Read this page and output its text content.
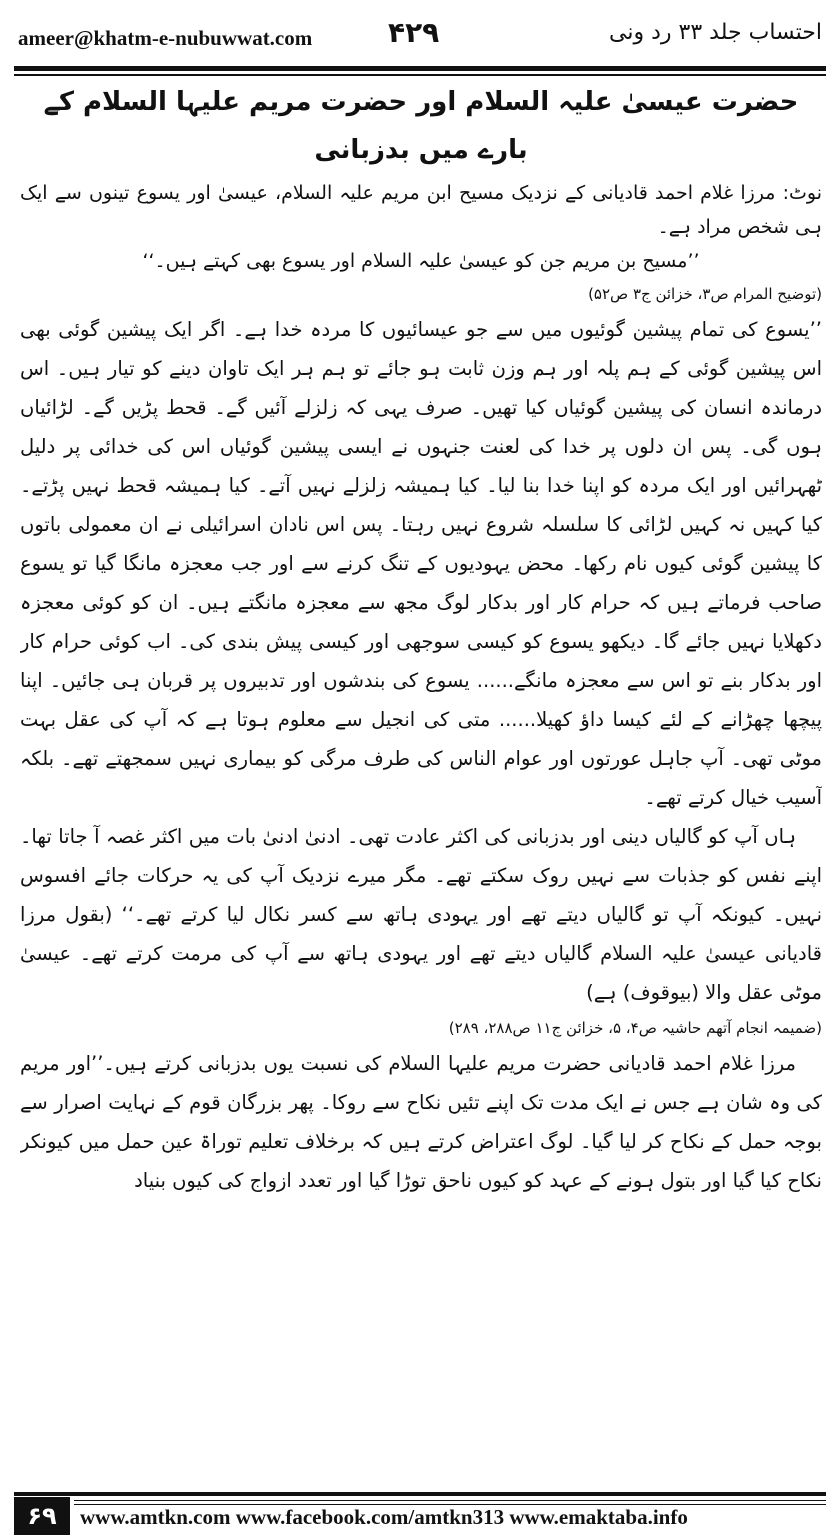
ameer@khatm-e-nubuwwat.com	۴۲۹	احتساب جلد ۳۳ رد ونی

حضرت عیسیٰ علیہ السلام اور حضرت مریم علیہا السلام کے بارے میں بدزبانی

نوٹ: مرزا غلام احمد قادیانی کے نزدیک مسیح ابن مریم علیہ السلام، عیسیٰ اور یسوع تینوں سے ایک ہی شخص مراد ہے۔

’’مسیح بن مریم جن کو عیسیٰ علیہ السلام اور یسوع بھی کہتے ہیں۔‘‘

(توضیح المرام ص۳، خزائن ج۳ ص۵۲)

’’یسوع کی تمام پیشین گوئیوں میں سے جو عیسائیوں کا مردہ خدا ہے۔ اگر ایک پیشین گوئی بھی اس پیشین گوئی کے ہم پلہ اور ہم وزن ثابت ہو جائے تو ہم ہر ایک تاوان دینے کو تیار ہیں۔ اس درماندہ انسان کی پیشین گوئیاں کیا تھیں۔ صرف یہی کہ زلزلے آئیں گے۔ قحط پڑیں گے۔ لڑائیاں ہوں گی۔ پس ان دلوں پر خدا کی لعنت جنہوں نے ایسی پیشین گوئیاں اس کی خدائی پر دلیل ٹھہرائیں اور ایک مردہ کو اپنا خدا بنا لیا۔ کیا ہمیشہ زلزلے نہیں آتے۔ کیا ہمیشہ قحط نہیں پڑتے۔ کیا کہیں نہ کہیں لڑائی کا سلسلہ شروع نہیں رہتا۔ پس اس نادان اسرائیلی نے ان معمولی باتوں کا پیشین گوئی کیوں نام رکھا۔ محض یہودیوں کے تنگ کرنے سے اور جب معجزہ مانگا گیا تو یسوع صاحب فرماتے ہیں کہ حرام کار اور بدکار لوگ مجھ سے معجزہ مانگتے ہیں۔ ان کو کوئی معجزہ دکھلایا نہیں جائے گا۔ دیکھو یسوع کو کیسی سوجھی اور کیسی پیش بندی کی۔ اب کوئی حرام کار اور بدکار بنے تو اس سے معجزہ مانگے...... یسوع کی بندشوں اور تدبیروں پر قربان ہی جائیں۔ اپنا پیچھا چھڑانے کے لئے کیسا داؤ کھیلا...... متی کی انجیل سے معلوم ہوتا ہے کہ آپ کی عقل بہت موٹی تھی۔ آپ جاہل عورتوں اور عوام الناس کی طرف مرگی کو بیماری نہیں سمجھتے تھے۔ بلکہ آسیب خیال کرتے تھے۔

ہاں آپ کو گالیاں دینی اور بدزبانی کی اکثر عادت تھی۔ ادنیٰ ادنیٰ بات میں اکثر غصہ آ جاتا تھا۔ اپنے نفس کو جذبات سے نہیں روک سکتے تھے۔ مگر میرے نزدیک آپ کی یہ حرکات جائے افسوس نہیں۔ کیونکہ آپ تو گالیاں دیتے تھے اور یہودی ہاتھ سے کسر نکال لیا کرتے تھے۔‘‘ (بقول مرزا قادیانی عیسیٰ علیہ السلام گالیاں دیتے تھے اور یہودی ہاتھ سے آپ کی مرمت کرتے تھے۔ عیسیٰ موٹی عقل والا (بیوقوف) ہے)

(ضمیمہ انجام آتھم حاشیہ ص۴، ۵، خزائن ج۱۱ ص۲۸۸، ۲۸۹)

مرزا غلام احمد قادیانی حضرت مریم علیہا السلام کی نسبت یوں بدزبانی کرتے ہیں۔’’اور مریم کی وہ شان ہے جس نے ایک مدت تک اپنے تئیں نکاح سے روکا۔ پھر بزرگان قوم کے نہایت اصرار سے بوجہ حمل کے نکاح کر لیا گیا۔ لوگ اعتراض کرتے ہیں کہ برخلاف تعلیم توراۃ عین حمل میں کیونکر نکاح کیا گیا اور بتول ہونے کے عہد کو کیوں ناحق توڑا گیا اور تعدد ازواج کی کیوں بنیاد

۶۹	www.amtkn.com www.facebook.com/amtkn313 www.emaktaba.info
